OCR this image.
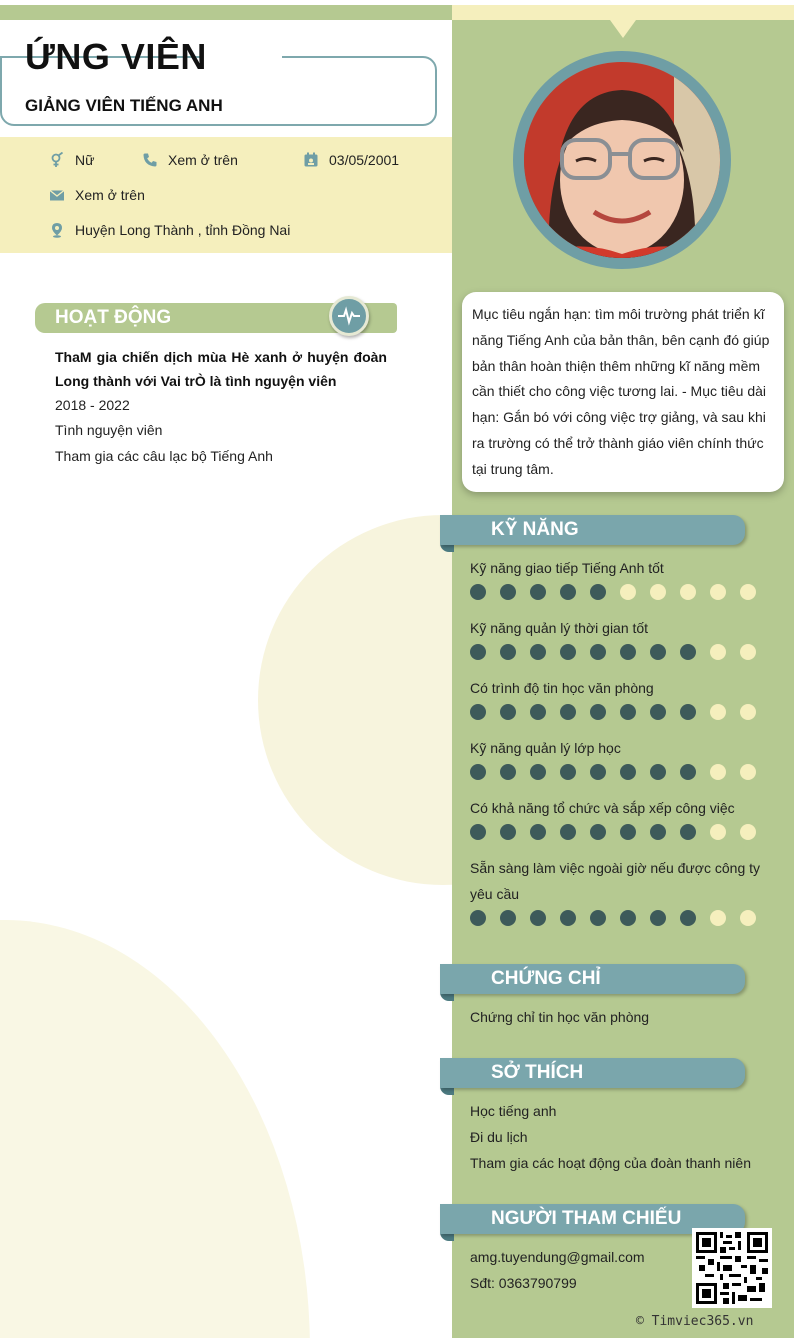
ỨNG VIÊN
GIẢNG VIÊN TIẾNG ANH
Nữ	Xem ở trên	03/05/2001
Xem ở trên
Huyện Long Thành , tỉnh Đồng Nai
Mục tiêu ngắn hạn: tìm môi trường phát triển kĩ năng Tiếng Anh của bản thân, bên cạnh đó giúp bản thân hoàn thiện thêm những kĩ năng mềm cần thiết cho công việc tương lai. - Mục tiêu dài hạn: Gắn bó với công việc trợ giảng, và sau khi ra trường có thể trở thành giáo viên chính thức tại trung tâm.
HOẠT ĐỘNG
ThaM gia chiến dịch mùa Hè xanh ở huyện đoàn Long thành với Vai trÒ là tình nguyện viên
2018 - 2022
Tình nguyện viên
Tham gia các câu lạc bộ Tiếng Anh
KỸ NĂNG
Kỹ năng giao tiếp Tiếng Anh tốt
Kỹ năng quản lý thời gian tốt
Có trình độ tin học văn phòng
Kỹ năng quản lý lớp học
Có khả năng tổ chức và sắp xếp công việc
Sẵn sàng làm việc ngoài giờ nếu được công ty yêu cầu
CHỨNG CHỈ
Chứng chỉ tin học văn phòng
SỞ THÍCH
Học tiếng anh
Đi du lịch
Tham gia các hoạt động của đoàn thanh niên
NGƯỜI THAM CHIẾU
amg.tuyendung@gmail.com
Sđt: 0363790799
© Timviec365.vn
